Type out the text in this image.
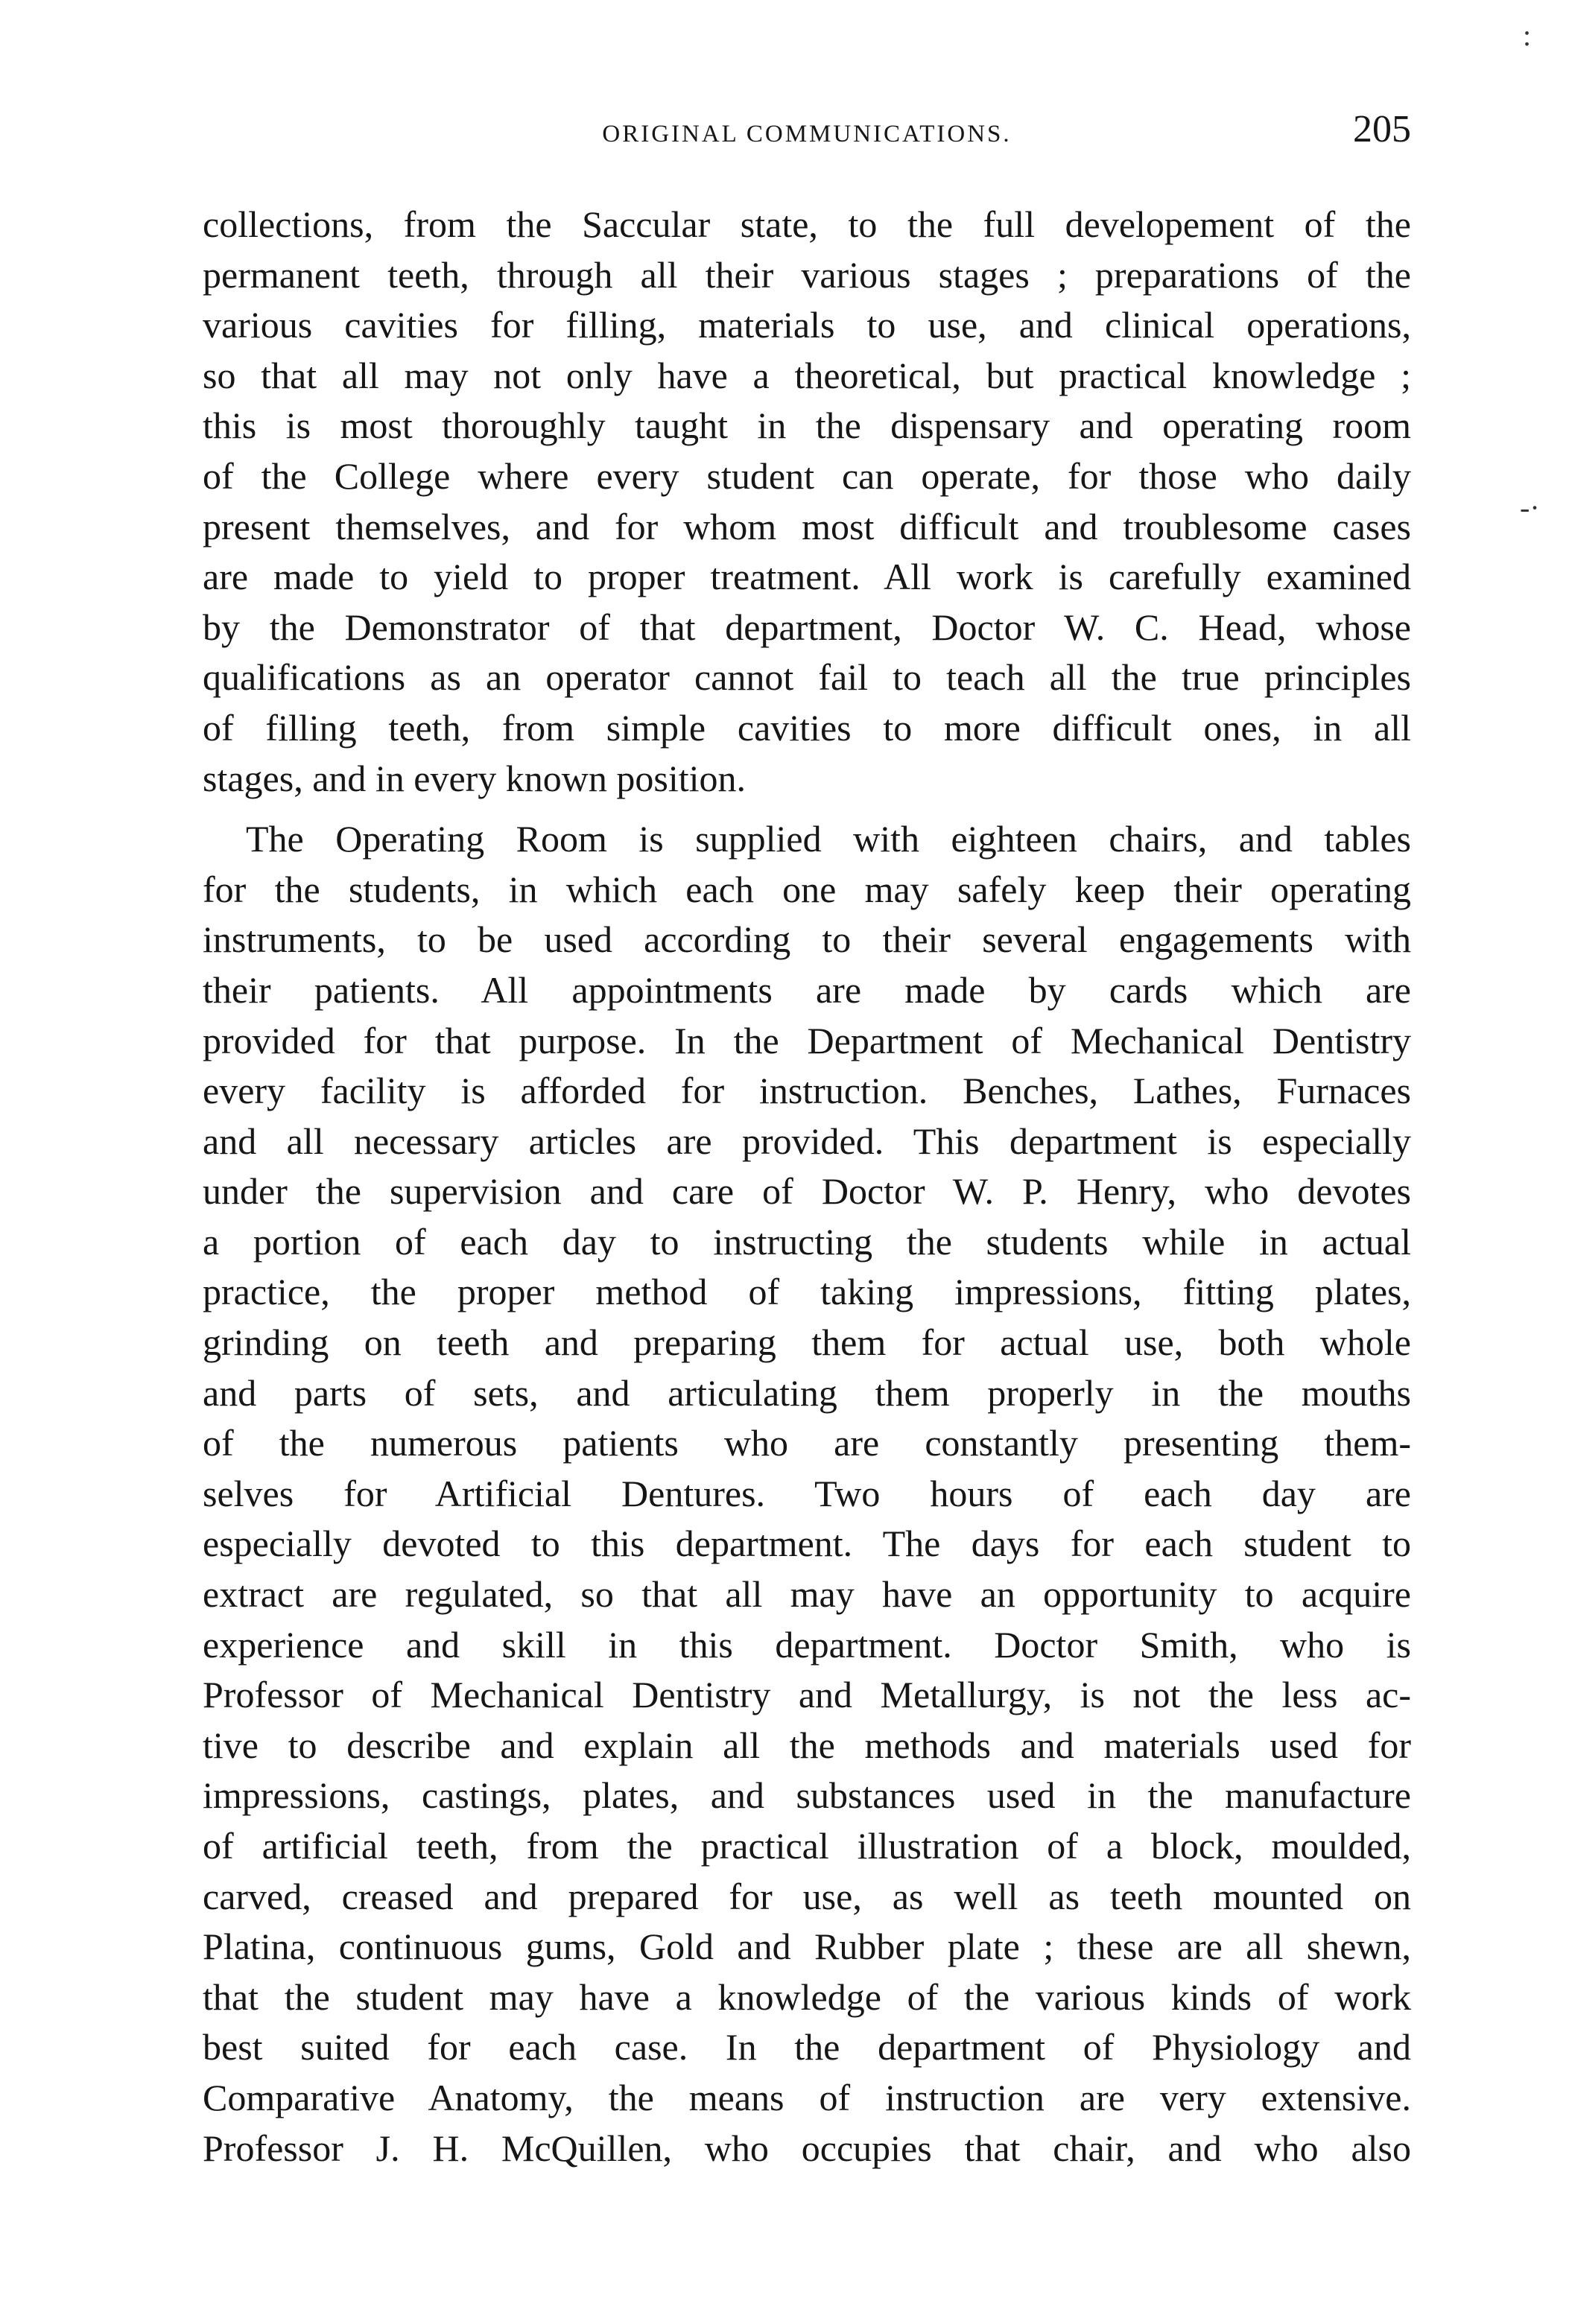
ORIGINAL COMMUNICATIONS.	205
:
-·
collections, from the Saccular state, to the full developement of the
permanent teeth, through all their various stages ; preparations of the
various cavities for filling, materials to use, and clinical operations,
so that all may not only have a theoretical, but practical knowledge ;
this is most thoroughly taught in the dispensary and operating room
of the College where every student can operate, for those who daily
present themselves, and for whom most difficult and troublesome cases
are made to yield to proper treatment. All work is carefully examined
by the Demonstrator of that department, Doctor W. C. Head, whose
qualifications as an operator cannot fail to teach all the true principles
of filling teeth, from simple cavities to more difficult ones, in all
stages, and in every known position.
The Operating Room is supplied with eighteen chairs, and tables
for the students, in which each one may safely keep their operating
instruments, to be used according to their several engagements with
their patients. All appointments are made by cards which are
provided for that purpose. In the Department of Mechanical Dentistry
every facility is afforded for instruction. Benches, Lathes, Furnaces
and all necessary articles are provided. This department is especially
under the supervision and care of Doctor W. P. Henry, who devotes
a portion of each day to instructing the students while in actual
practice, the proper method of taking impressions, fitting plates,
grinding on teeth and preparing them for actual use, both whole
and parts of sets, and articulating them properly in the mouths
of the numerous patients who are constantly presenting them-
selves for Artificial Dentures. Two hours of each day are
especially devoted to this department. The days for each student to
extract are regulated, so that all may have an opportunity to acquire
experience and skill in this department. Doctor Smith, who is
Professor of Mechanical Dentistry and Metallurgy, is not the less ac-
tive to describe and explain all the methods and materials used for
impressions, castings, plates, and substances used in the manufacture
of artificial teeth, from the practical illustration of a block, moulded,
carved, creased and prepared for use, as well as teeth mounted on
Platina, continuous gums, Gold and Rubber plate ; these are all shewn,
that the student may have a knowledge of the various kinds of work
best suited for each case. In the department of Physiology and
Comparative Anatomy, the means of instruction are very extensive.
Professor J. H. McQuillen, who occupies that chair, and who also
